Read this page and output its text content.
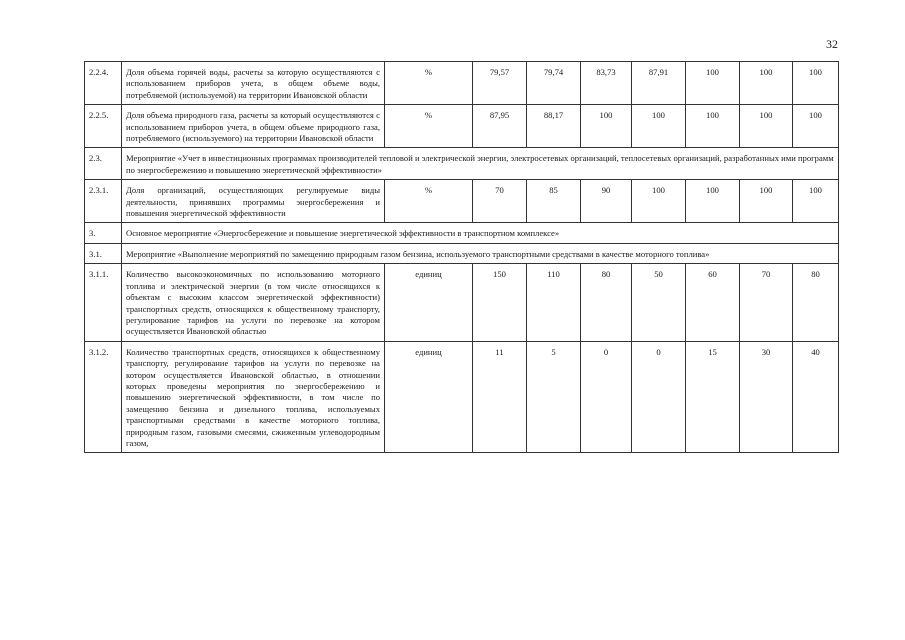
32
2.2.4.	Доля объема горячей воды, расчеты за которую осуществляются с использованием приборов учета, в общем объеме воды, потребляемой (используемой) на территории Ивановской области	%	79,57	79,74	83,73	87,91	100	100	100
2.2.5.	Доля объема природного газа, расчеты за который осуществляются с использованием приборов учета, в общем объеме природного газа, потребляемого (используемого) на территории Ивановской области	%	87,95	88,17	100	100	100	100	100
2.3.	Мероприятие «Учет в инвестиционных программах производителей тепловой и электрической энергии, электросетевых организаций, теплосетевых организаций, разработанных ими программ по энергосбережению и повышению энергетической эффективности»								
2.3.1.	Доля организаций, осуществляющих регулируемые виды деятельности, принявших программы энергосбережения и повышения энергетической эффективности	%	70	85	90	100	100	100	100
3.	Основное мероприятие «Энергосбережение и повышение энергетической эффективности в транспортном комплексе»								
3.1.	Мероприятие «Выполнение мероприятий по замещению природным газом бензина, используемого транспортными средствами в качестве моторного топлива»								
3.1.1.	Количество высокоэкономичных по использованию моторного топлива и электрической энергии (в том числе относящихся к объектам с высоким классом энергетической эффективности) транспортных средств, относящихся к общественному транспорту, регулирование тарифов на услуги по перевозке на котором осуществляется Ивановской областью	единиц	150	110	80	50	60	70	80
3.1.2.	Количество транспортных средств, относящихся к общественному транспорту, регулирование тарифов на услуги по перевозке на котором осуществляется Ивановской областью, в отношении которых проведены мероприятия по энергосбережению и повышению энергетической эффективности, в том числе по замещению бензина и дизельного топлива, используемых транспортными средствами в качестве моторного топлива, природным газом, газовыми смесями, сжиженным углеводородным газом,	единиц	11	5	0	0	15	30	40
